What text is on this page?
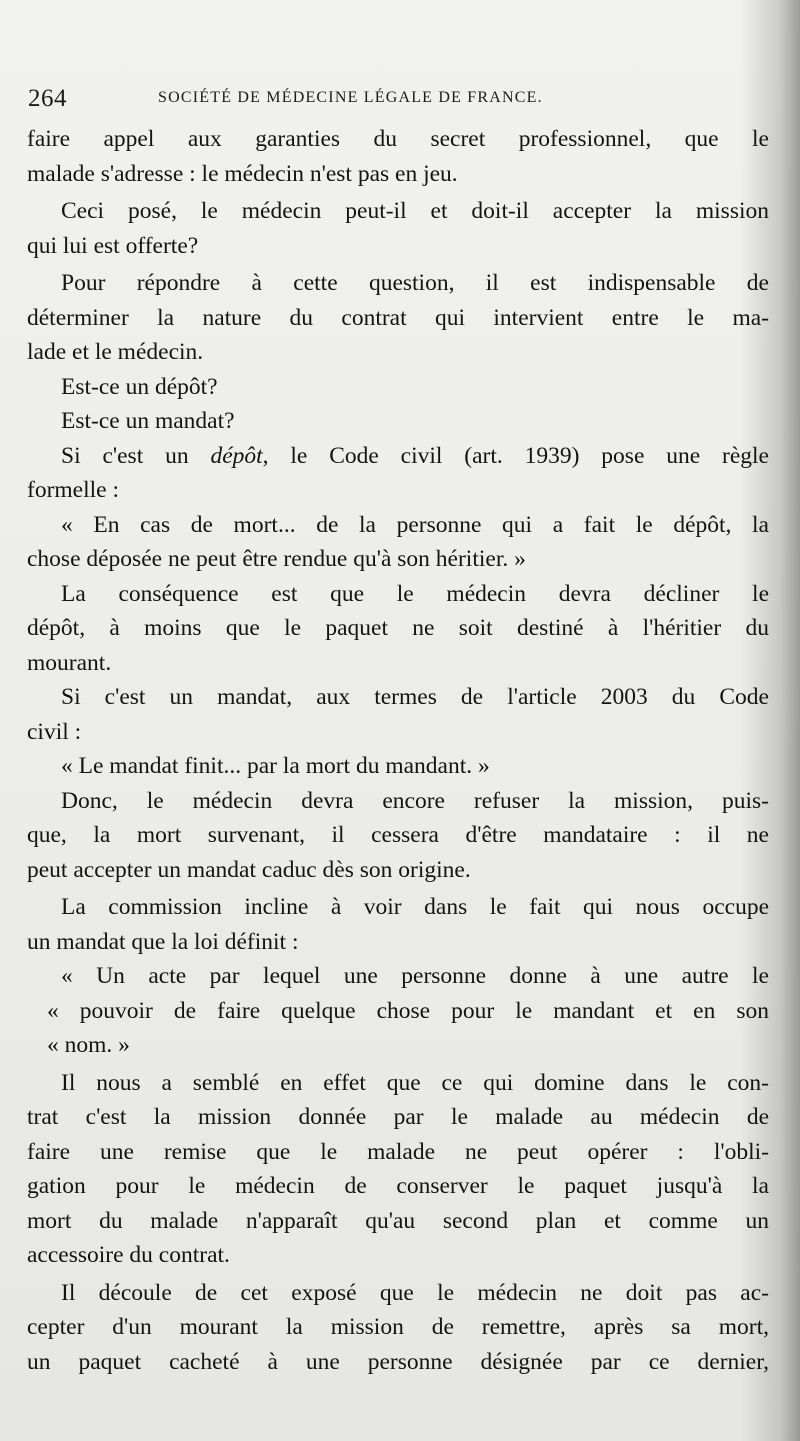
264	SOCIÉTÉ DE MÉDECINE LÉGALE DE FRANCE.
faire appel aux garanties du secret professionnel, que le
malade s'adresse : le médecin n'est pas en jeu.
Ceci posé, le médecin peut-il et doit-il accepter la mission
qui lui est offerte?
Pour répondre à cette question, il est indispensable de
déterminer la nature du contrat qui intervient entre le ma-
lade et le médecin.
Est-ce un dépôt?
Est-ce un mandat?
Si c'est un dépôt, le Code civil (art. 1939) pose une règle
formelle :
« En cas de mort... de la personne qui a fait le dépôt, la
chose déposée ne peut être rendue qu'à son héritier. »
La conséquence est que le médecin devra décliner le
dépôt, à moins que le paquet ne soit destiné à l'héritier du
mourant.
Si c'est un mandat, aux termes de l'article 2003 du Code
civil :
« Le mandat finit... par la mort du mandant. »
Donc, le médecin devra encore refuser la mission, puis-
que, la mort survenant, il cessera d'être mandataire : il ne
peut accepter un mandat caduc dès son origine.
La commission incline à voir dans le fait qui nous occupe
un mandat que la loi définit :
« Un acte par lequel une personne donne à une autre le
« pouvoir de faire quelque chose pour le mandant et en son
« nom. »
Il nous a semblé en effet que ce qui domine dans le con-
trat c'est la mission donnée par le malade au médecin de
faire une remise que le malade ne peut opérer : l'obli-
gation pour le médecin de conserver le paquet jusqu'à la
mort du malade n'apparaît qu'au second plan et comme un
accessoire du contrat.
Il découle de cet exposé que le médecin ne doit pas ac-
cepter d'un mourant la mission de remettre, après sa mort,
un paquet cacheté à une personne désignée par ce dernier,
